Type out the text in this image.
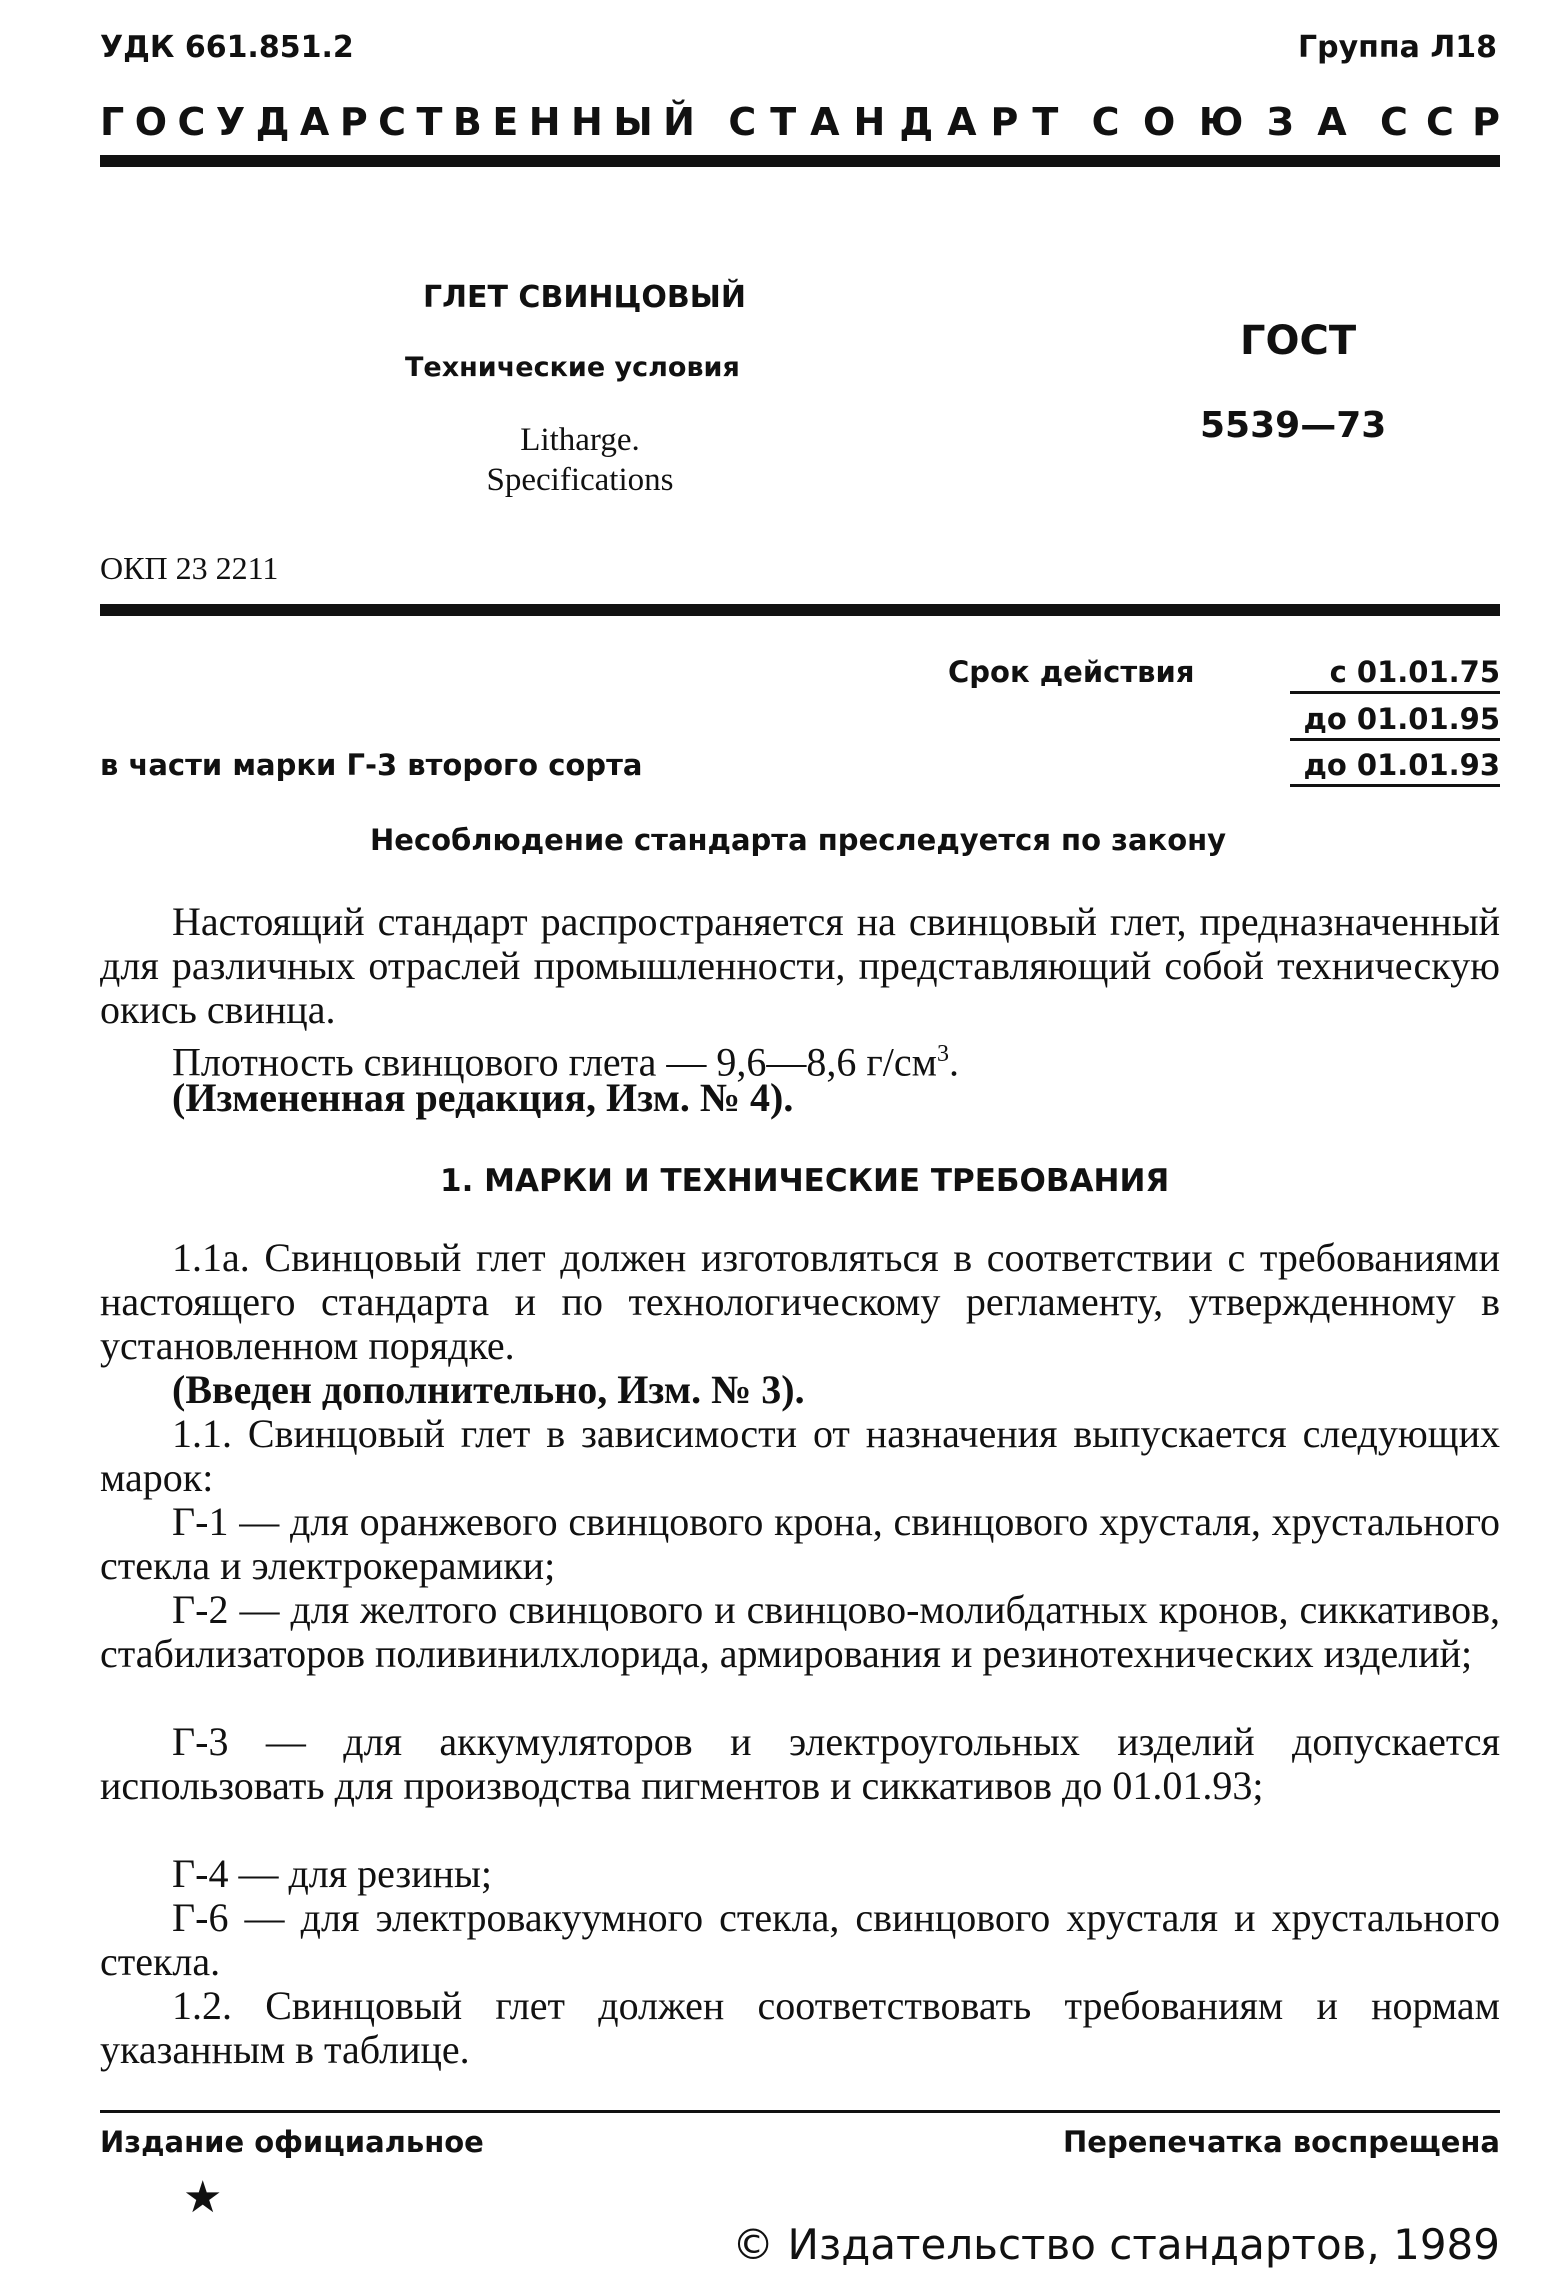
УДК 661.851.2	Группа Л18
Г О С У Д А Р С Т В Е Н Н Ы Й С Т А Н Д А Р Т С О Ю З А С С Р
ГЛЕТ СВИНЦОВЫЙ
Технические условия
Litharge.
Specifications
ГОСТ
5539—73
ОКП 23 2211
Срок действия	с 01.01.75
до 01.01.95
в части марки Г-3 второго сорта	до 01.01.93
Несоблюдение стандарта преследуется по закону
Настоящий стандарт распространяется на свинцовый глет, предназначенный для различных отраслей промышленности, представляющий собой техническую окись свинца.
Плотность свинцового глета — 9,6—8,6 $г/см^3$.
(Измененная редакция, Изм. № 4).
1. МАРКИ И ТЕХНИЧЕСКИЕ ТРЕБОВАНИЯ
1.1а. Свинцовый глет должен изготовляться в соответствии с требованиями настоящего стандарта и по технологическому регламенту, утвержденному в установленном порядке.
(Введен дополнительно, Изм. № 3).
1.1. Свинцовый глет в зависимости от назначения выпускается следующих марок:
Г-1 — для оранжевого свинцового крона, свинцового хрусталя, хрустального стекла и электрокерамики;
Г-2 — для желтого свинцового и свинцово-молибдатных кронов, сиккативов, стабилизаторов поливинилхлорида, армирования и резинотехнических изделий;
Г-3 — для аккумуляторов и электроугольных изделий допускается использовать для производства пигментов и сиккативов до 01.01.93;
Г-4 — для резины;
Г-6 — для электровакуумного стекла, свинцового хрусталя и хрустального стекла.
1.2. Свинцовый глет должен соответствовать требованиям и нормам указанным в таблице.
Издание официальное	Перепечатка воспрещена
★
© Издательство стандартов, 1989
